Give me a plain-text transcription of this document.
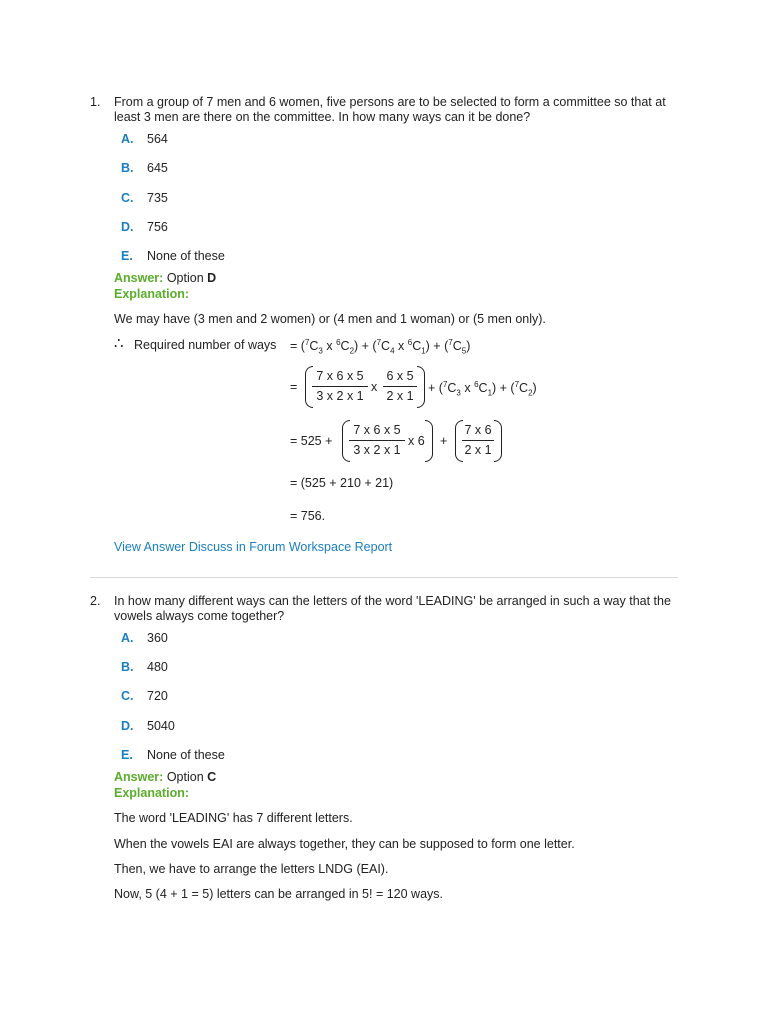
1. From a group of 7 men and 6 women, five persons are to be selected to form a committee so that at least 3 men are there on the committee. In how many ways can it be done?
A. 564
B. 645
C. 735
D. 756
E. None of these
Answer: Option D
Explanation:
We may have (3 men and 2 women) or (4 men and 1 woman) or (5 men only).
∴ Required number of ways = ($^7C_3$ x $^6C_2) + (^7C_4$ x $^6C_1) + (^7C_5)$
=
7 x 6 x 5
3 x 2 x 1
x
6 x 5
2 x 1
+ ($^7C_3$ x $^6C_1) + (^7C_2)$
= 525 +
7 x 6 x 5
3 x 2 x 1
x 6 +
7 x 6
2 x 1
= (525 + 210 + 21)
= 756.
View Answer Discuss in Forum Workspace Report
2. In how many different ways can the letters of the word 'LEADING' be arranged in such a way that the vowels always come together?
A. 360
B. 480
C. 720
D. 5040
E. None of these
Answer: Option C
Explanation:
The word 'LEADING' has 7 different letters.
When the vowels EAI are always together, they can be supposed to form one letter.
Then, we have to arrange the letters LNDG (EAI).
Now, 5 (4 + 1 = 5) letters can be arranged in 5! = 120 ways.
